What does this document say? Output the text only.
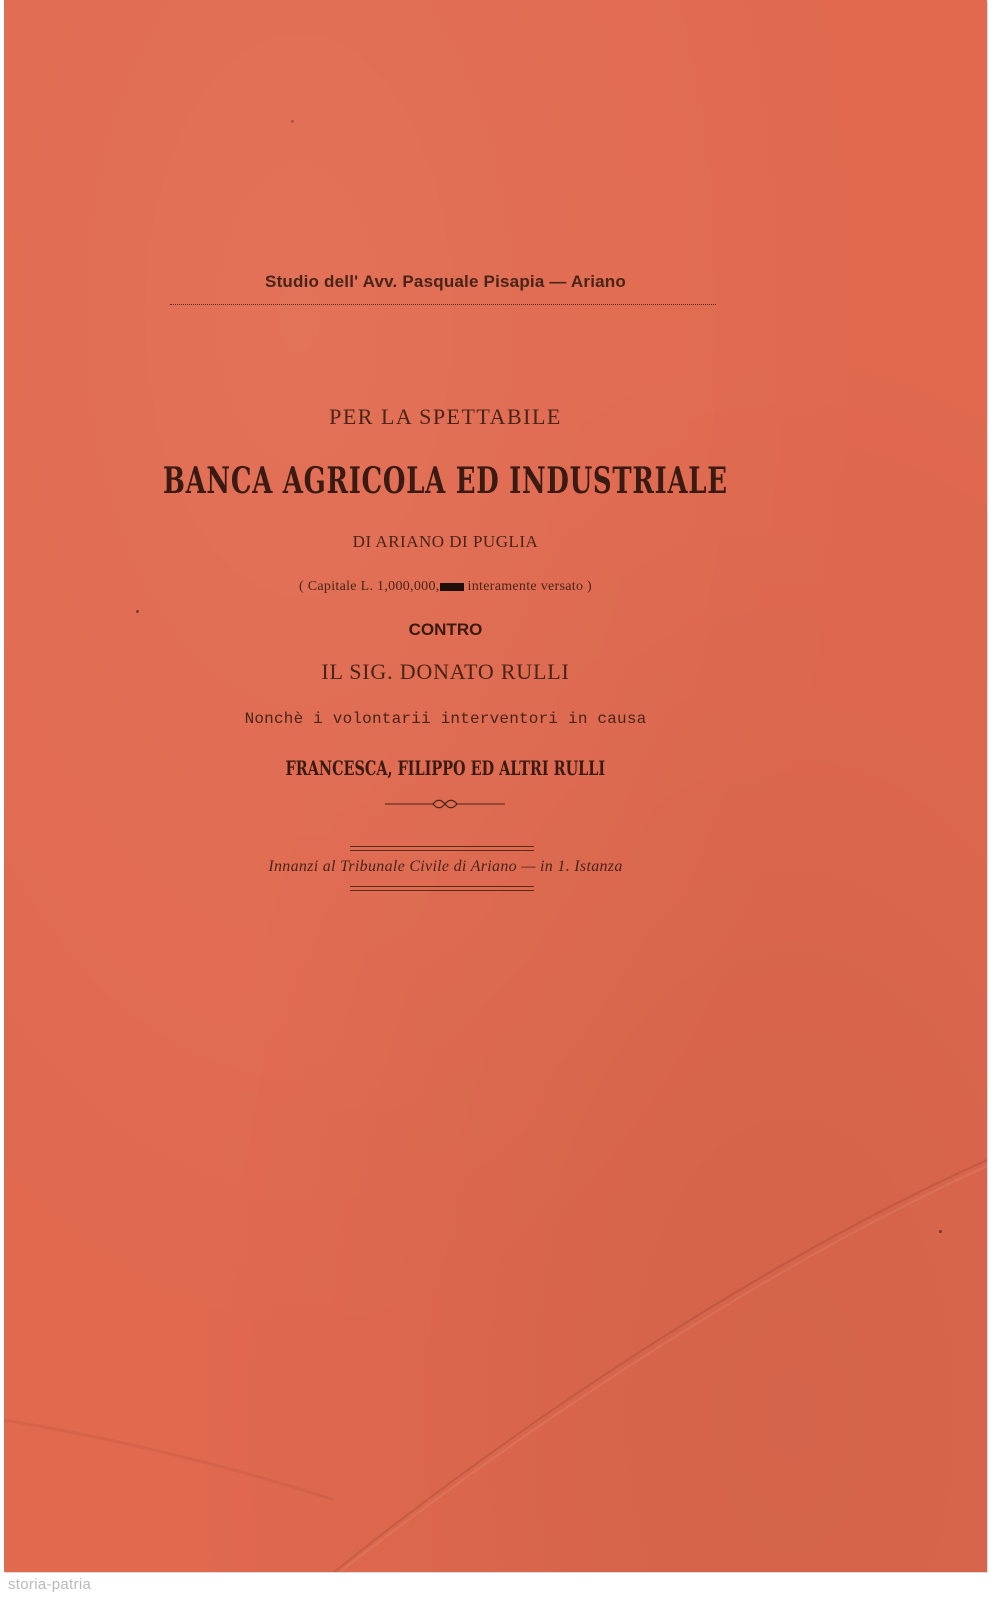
Studio dell' Avv. Pasquale Pisapia — Ariano
PER LA SPETTABILE
BANCA AGRICOLA ED INDUSTRIALE
DI ARIANO DI PUGLIA
( Capitale L. 1,000,000, interamente versato )
CONTRO
IL SIG. DONATO RULLI
Nonchè i volontarii interventori in causa
FRANCESCA, FILIPPO ED ALTRI RULLI
Innanzi al Tribunale Civile di Ariano — in 1. Istanza
storia-patria
